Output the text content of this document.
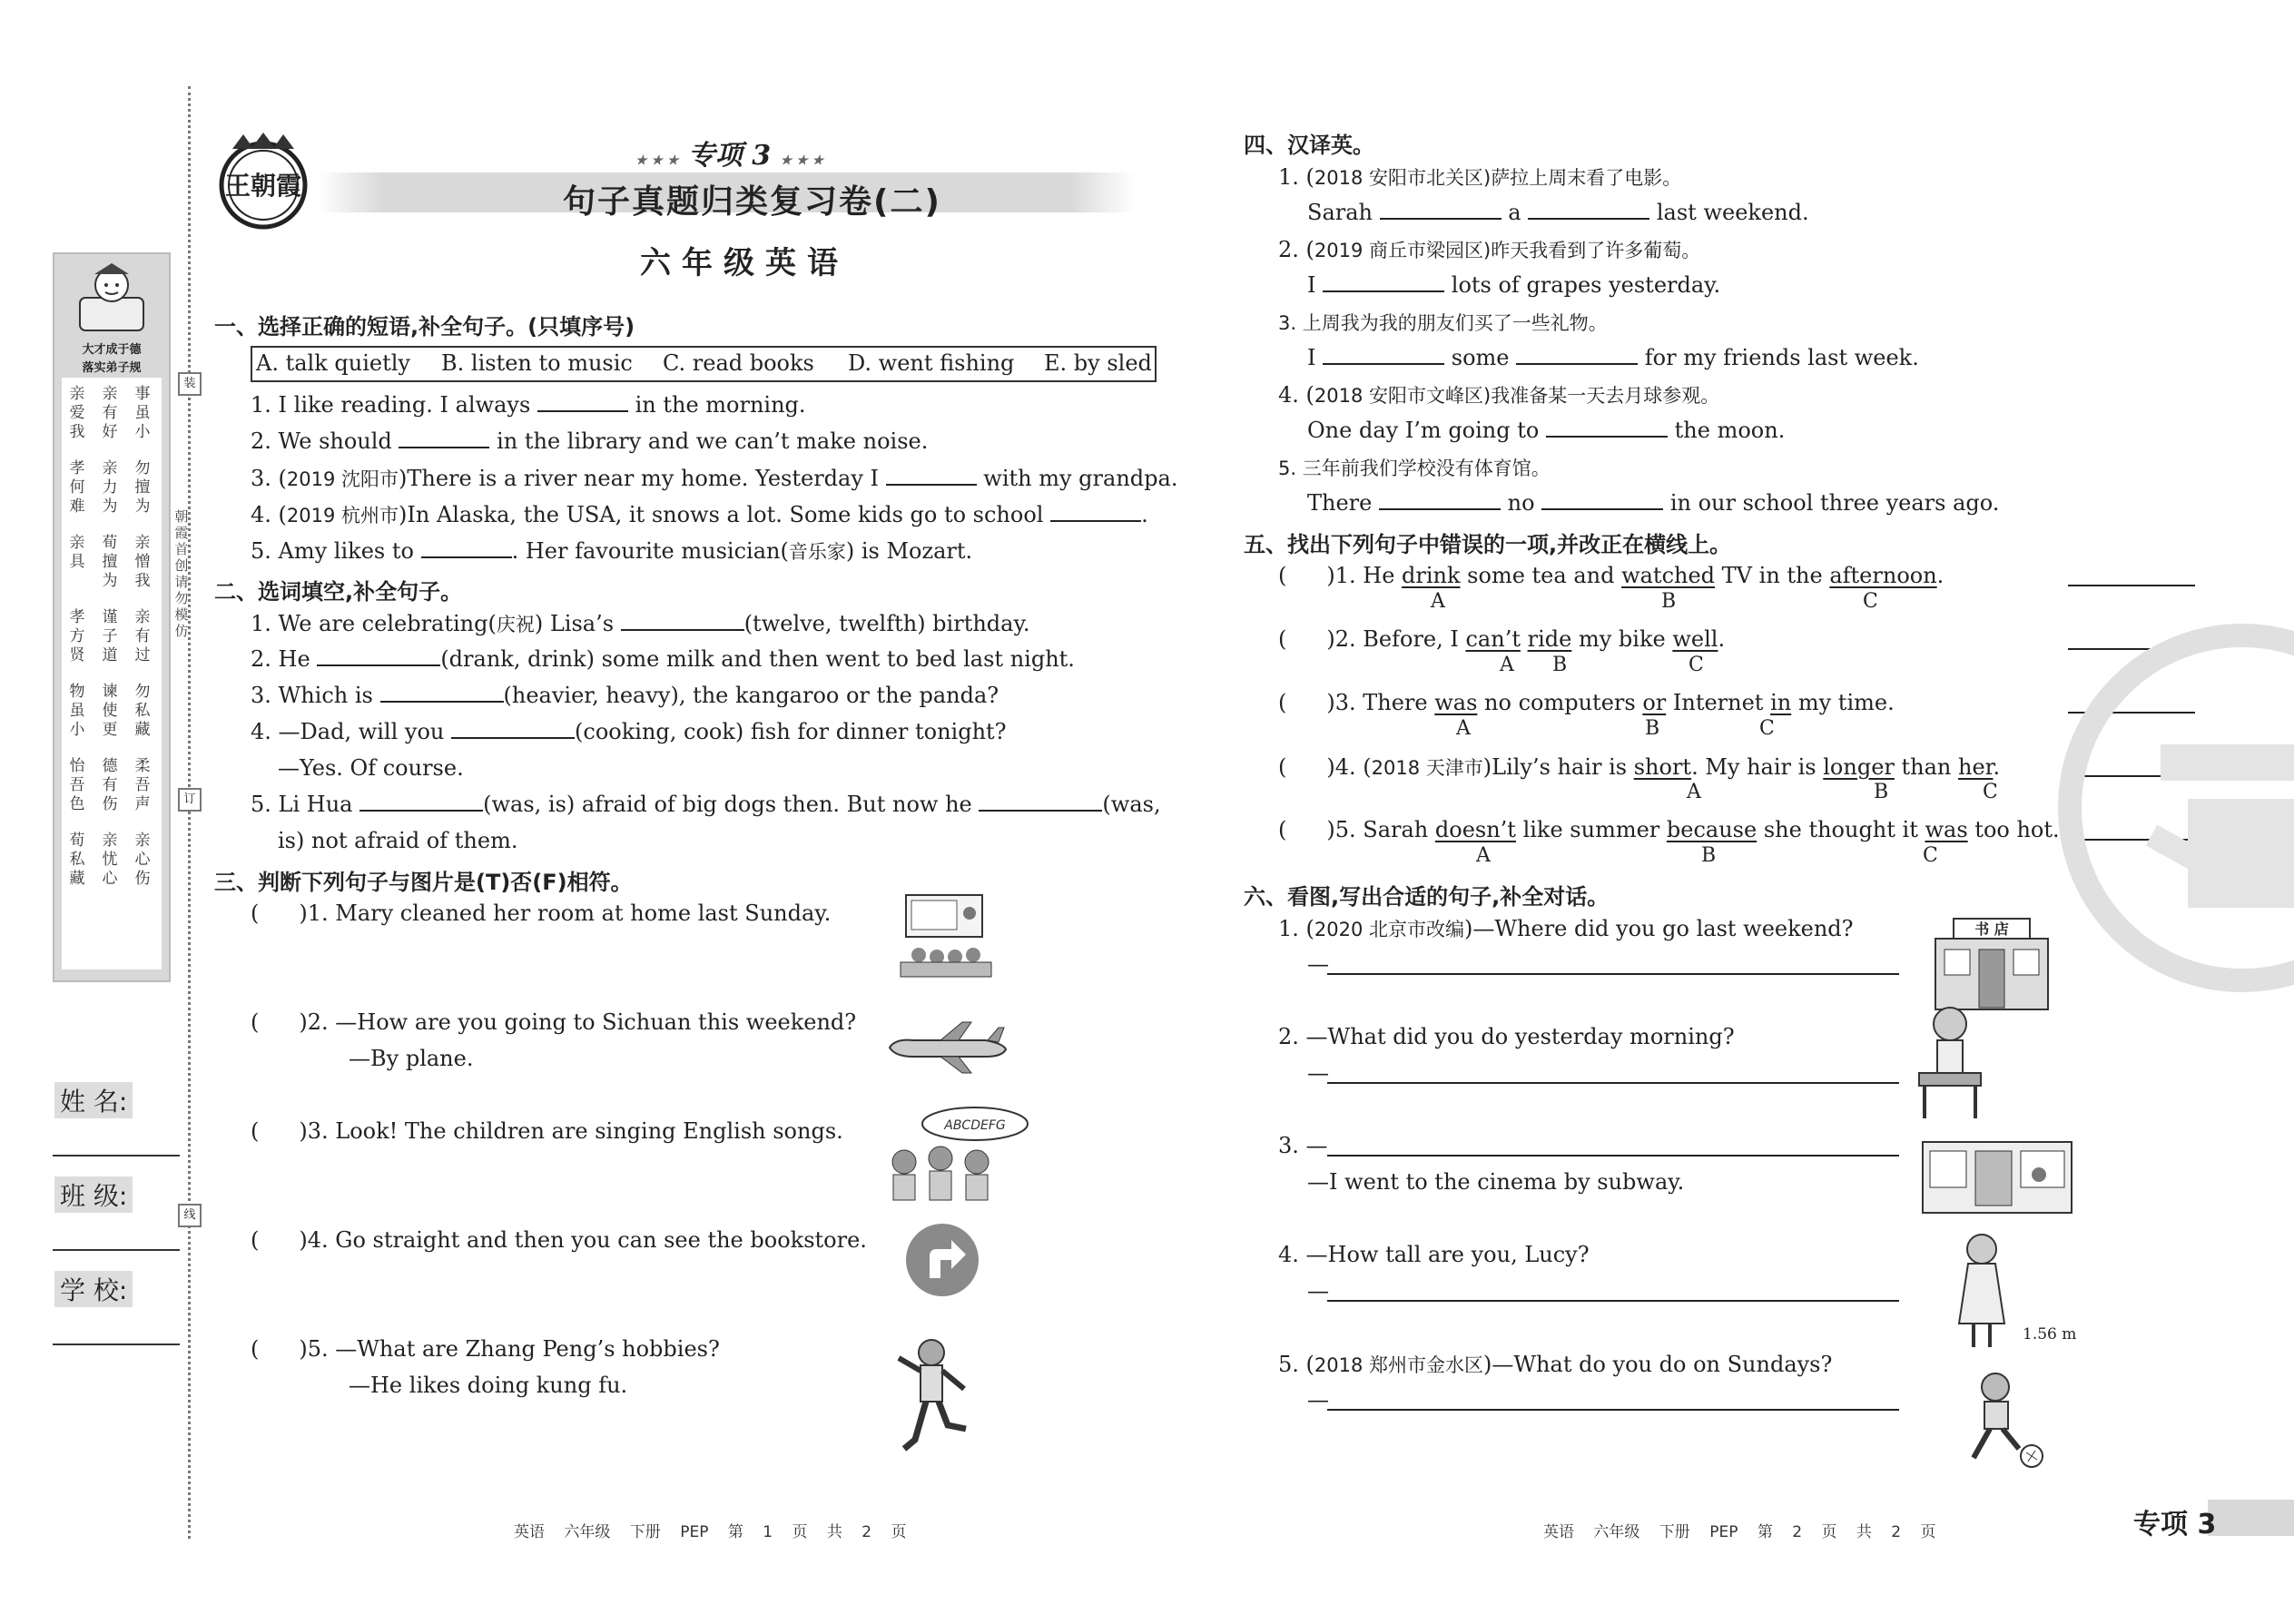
装
订
线
朝霞首创 请勿模仿
大才成于德
落实弟子规
亲爱我
亲有好
事虽小
孝何难
亲力为
勿擅为
亲具
荀擅为
亲憎我
孝方贤
谨子道
亲有过
物虽小
谏使更
勿私藏
怡吾色
德有伤
柔吾声
荀私藏
亲忧心
亲心伤
姓 名:
班 级:
学 校:
王朝霞
★ ★ ★ 专项 3 ★ ★ ★
句子真题归类复习卷(二)
六年级英语
一、选择正确的短语,补全句子。(只填序号)
A. talk quietly B. listen to music C. read books D. went fishing E. by sled
1. I like reading. I always	in the morning.
2. We should	in the library and we can’t make noise.
3. (2019 沈阳市)There is a river near my home. Yesterday I	with my grandpa.
4. (2019 杭州市)In Alaska, the USA, it snows a lot. Some kids go to school	.
5. Amy likes to	. Her favourite musician(音乐家) is Mozart.
二、选词填空,补全句子。
1. We are celebrating(庆祝) Lisa’s	(twelve, twelfth) birthday.
2. He	(drank, drink) some milk and then went to bed last night.
3. Which is	(heavier, heavy), the kangaroo or the panda?
4. —Dad, will you	(cooking, cook) fish for dinner tonight?
—Yes. Of course.
5. Li Hua	(was, is) afraid of big dogs then. But now he	(was,
is) not afraid of them.
三、判断下列句子与图片是(T)否(F)相符。
( )1. Mary cleaned her room at home last Sunday.
( )2. —How are you going to Sichuan this weekend?
—By plane.
( )3. Look! The children are singing English songs.	ABCDEFG
( )4. Go straight and then you can see the bookstore.
( )5. —What are Zhang Peng’s hobbies?
—He likes doing kung fu.
英语 六年级 下册 PEP 第 1 页 共 2 页
四、汉译英。
1. (2018 安阳市北关区)萨拉上周末看了电影。
Sarah	a	last weekend.
2. (2019 商丘市梁园区)昨天我看到了许多葡萄。
I	lots of grapes yesterday.
3. 上周我为我的朋友们买了一些礼物。
I	some	for my friends last week.
4. (2018 安阳市文峰区)我准备某一天去月球参观。
One day I’m going to	the moon.
5. 三年前我们学校没有体育馆。
There	no	in our school three years ago.
五、找出下列句子中错误的一项,并改正在横线上。
( )1. He drink some tea and watched TV in the afternoon.
A	B	C
( )2. Before, I can’t ride my bike well.
A B	C
( )3. There was no computers or Internet in my time.
A	B	C
( )4. (2018 天津市)Lily’s hair is short. My hair is longer than her.
A	B	C
( )5. Sarah doesn’t like summer because she thought it was too hot.
A	B	C
六、看图,写出合适的句子,补全对话。
1. (2020 北京市改编)—Where did you go last weekend?
—
书 店
2. —What did you do yesterday morning?
—
3. —
—I went to the cinema by subway.
4. —How tall are you, Lucy?
—
1.56 m
5. (2018 郑州市金水区)—What do you do on Sundays?
—
英语 六年级 下册 PEP 第 2 页 共 2 页	专项 3
